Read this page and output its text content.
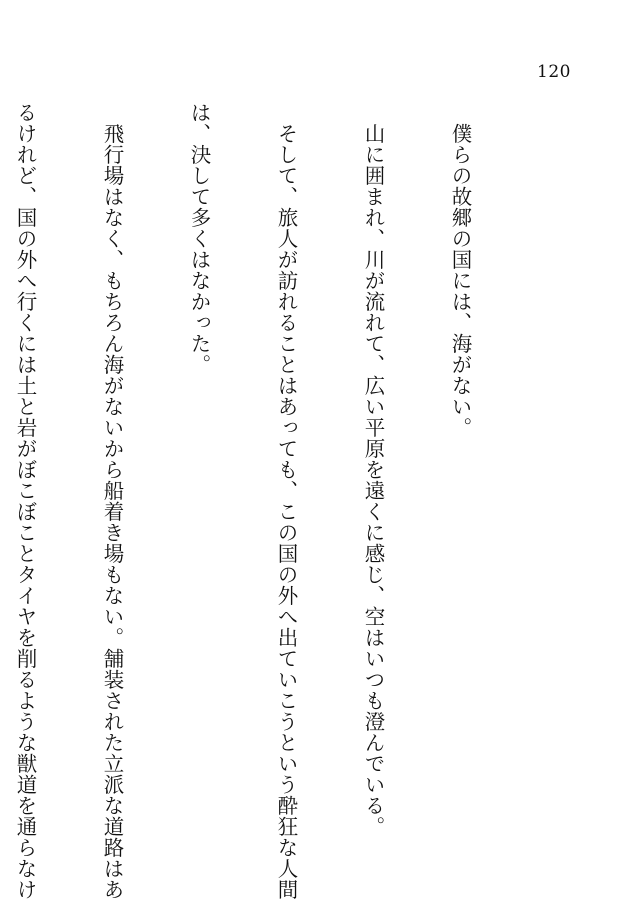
120

　僕らの故郷の国には、海がない。

　山に囲まれ、川が流れて、広い平原を遠くに感じ、空はいつも澄んでいる。

　そして、旅人が訪れることはあっても、この国の外へ出ていこうという酔狂な人間

は、決して多くはなかった。

　飛行場はなく、もちろん海がないから船着き場もない。舗装された立派な道路はあ

るけれど、国の外へ行くには土と岩がぼこぼことタイヤを削るような獣道を通らなけ
